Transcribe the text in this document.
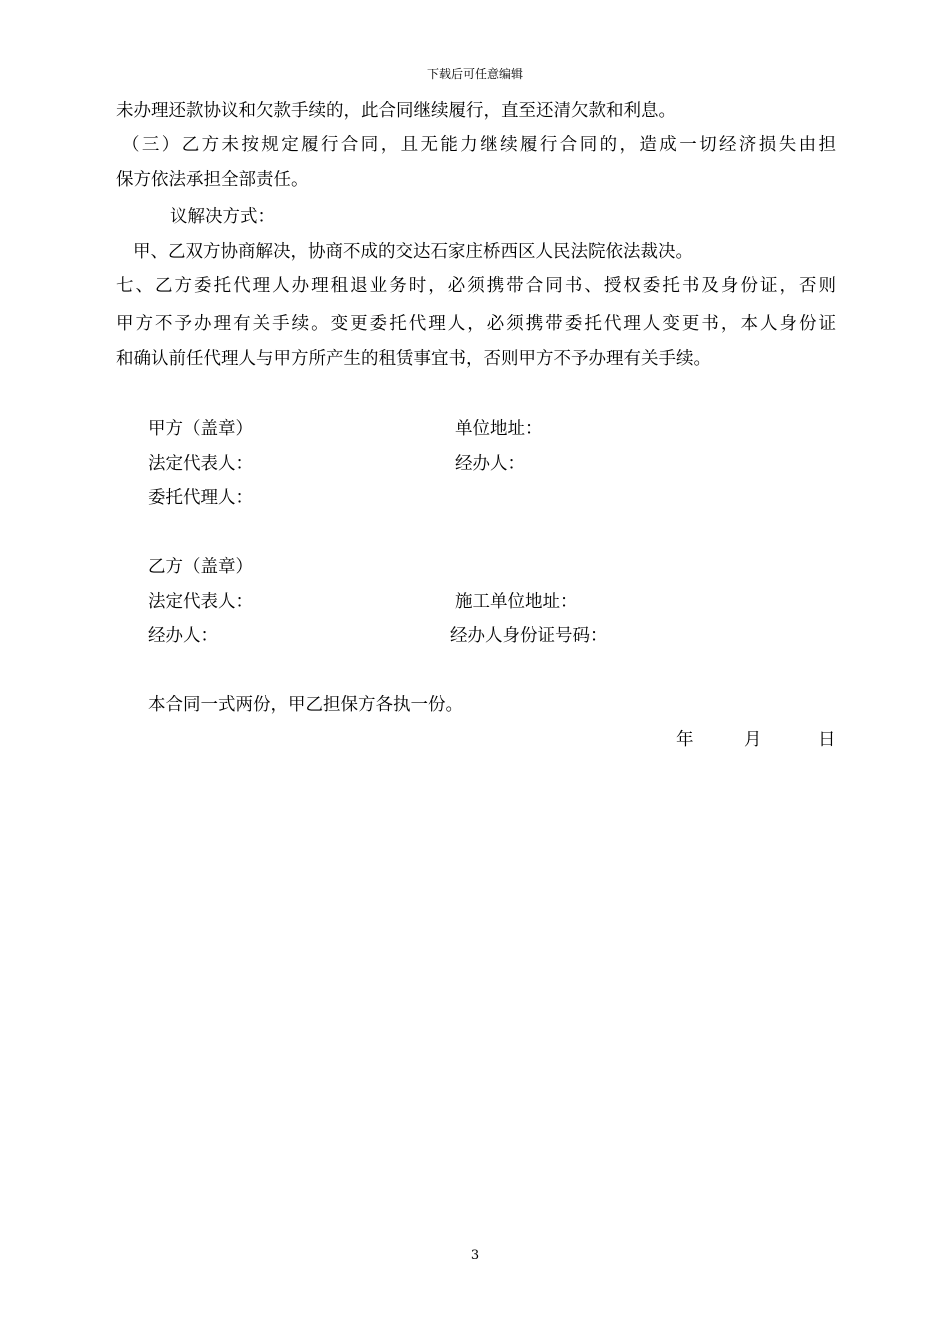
下载后可任意编辑
未办理还款协议和欠款手续的，此合同继续履行，直至还清欠款和利息。
（三）乙方未按规定履行合同，且无能力继续履行合同的，造成一切经济损失由担
保方依法承担全部责任。
议解决方式：
甲、乙双方协商解决，协商不成的交达石家庄桥西区人民法院依法裁决。
七、乙方委托代理人办理租退业务时，必须携带合同书、授权委托书及身份证，否则
甲方不予办理有关手续。变更委托代理人，必须携带委托代理人变更书，本人身份证
和确认前任代理人与甲方所产生的租赁事宜书，否则甲方不予办理有关手续。
甲方（盖章）	单位地址：
法定代表人：	经办人：
委托代理人：
乙方（盖章）
法定代表人：	施工单位地址：
经办人：	经办人身份证号码：
本合同一式两份，甲乙担保方各执一份。
年	月	日
3
